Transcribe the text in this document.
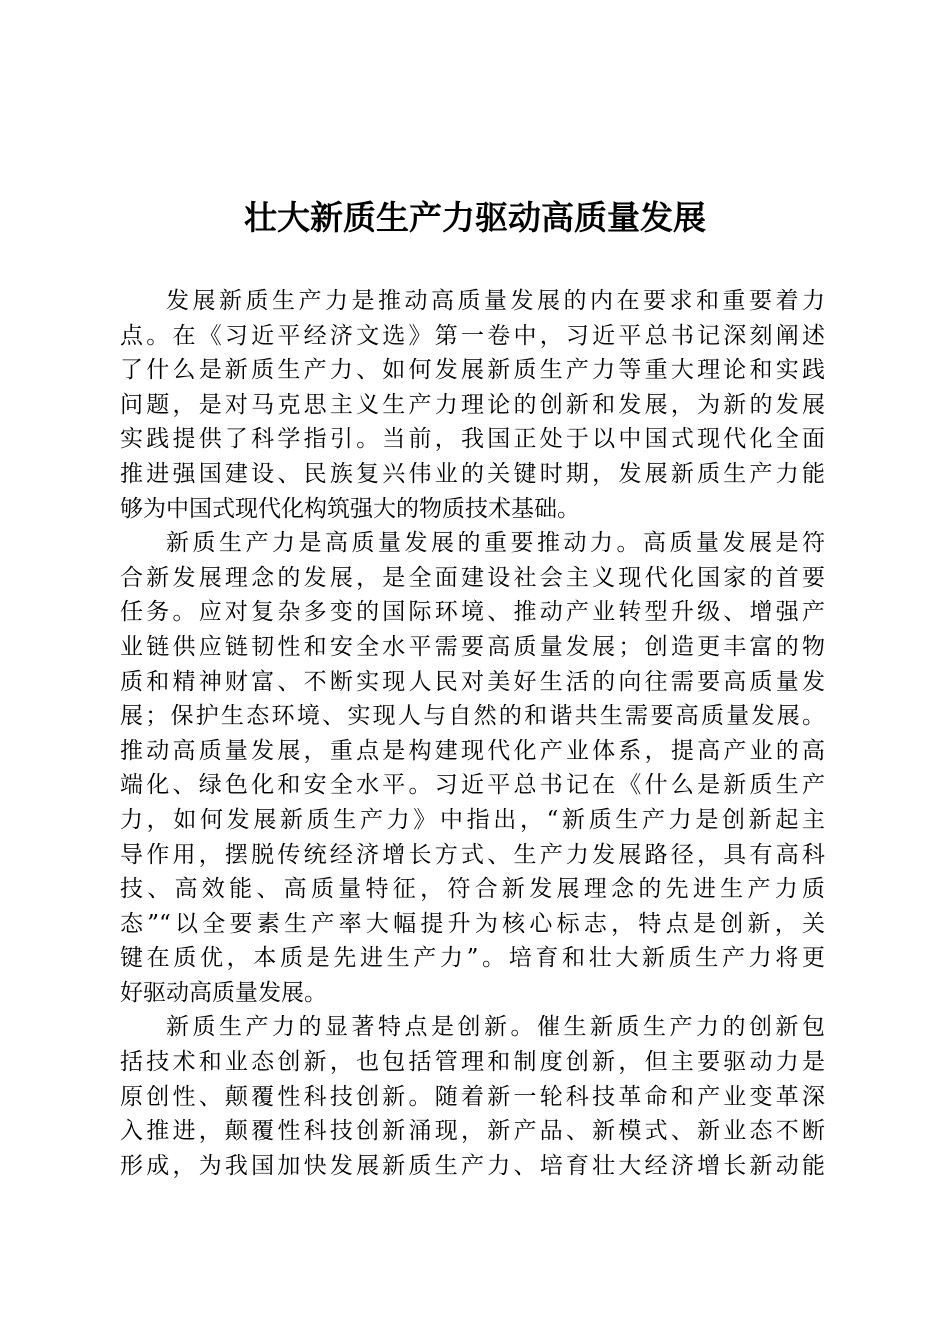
壮大新质生产力驱动高质量发展
发展新质生产力是推动高质量发展的内在要求和重要着力
点。在《习近平经济文选》第一卷中，习近平总书记深刻阐述
了什么是新质生产力、如何发展新质生产力等重大理论和实践
问题，是对马克思主义生产力理论的创新和发展，为新的发展
实践提供了科学指引。当前，我国正处于以中国式现代化全面
推进强国建设、民族复兴伟业的关键时期，发展新质生产力能
够为中国式现代化构筑强大的物质技术基础。
新质生产力是高质量发展的重要推动力。高质量发展是符
合新发展理念的发展，是全面建设社会主义现代化国家的首要
任务。应对复杂多变的国际环境、推动产业转型升级、增强产
业链供应链韧性和安全水平需要高质量发展；创造更丰富的物
质和精神财富、不断实现人民对美好生活的向往需要高质量发
展；保护生态环境、实现人与自然的和谐共生需要高质量发展。
推动高质量发展，重点是构建现代化产业体系，提高产业的高
端化、绿色化和安全水平。习近平总书记在《什么是新质生产
力，如何发展新质生产力》中指出，“新质生产力是创新起主
导作用，摆脱传统经济增长方式、生产力发展路径，具有高科
技、高效能、高质量特征，符合新发展理念的先进生产力质
态”“以全要素生产率大幅提升为核心标志，特点是创新，关
键在质优，本质是先进生产力”。培育和壮大新质生产力将更
好驱动高质量发展。
新质生产力的显著特点是创新。催生新质生产力的创新包
括技术和业态创新，也包括管理和制度创新，但主要驱动力是
原创性、颠覆性科技创新。随着新一轮科技革命和产业变革深
入推进，颠覆性科技创新涌现，新产品、新模式、新业态不断
形成，为我国加快发展新质生产力、培育壮大经济增长新动能
